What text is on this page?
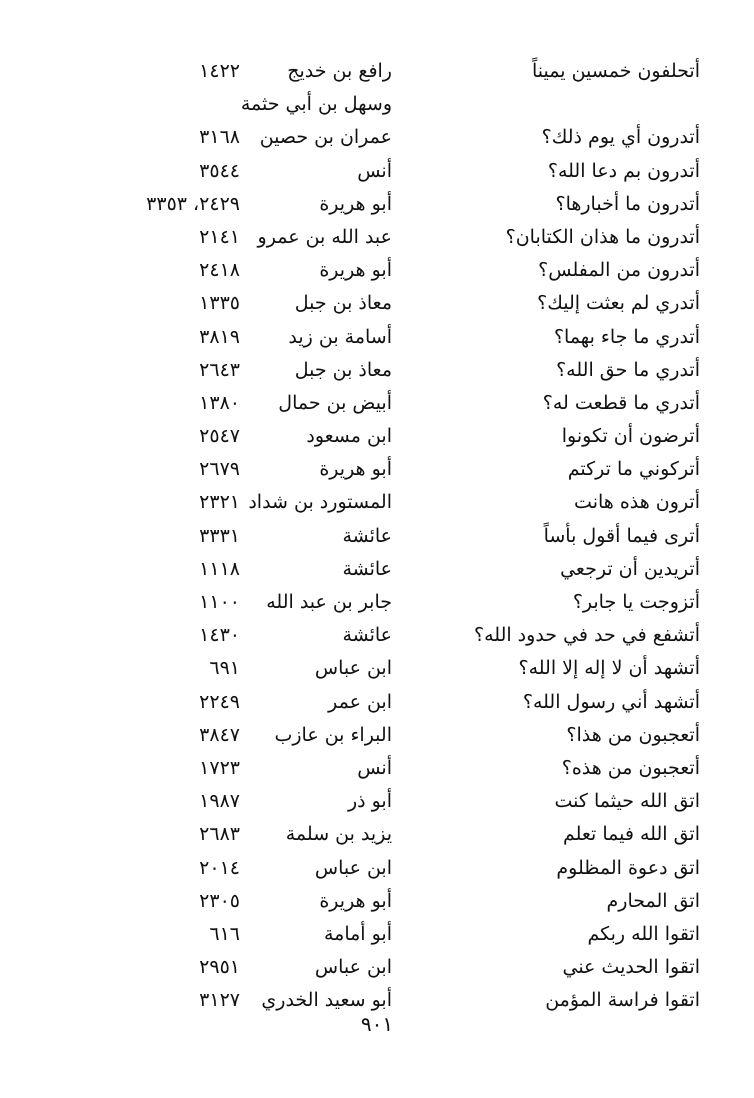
أتحلفون خمسين يميناً
رافع بن خديج
١٤٢٢
وسهل بن أبي حثمة
أتدرون أي يوم ذلك؟
عمران بن حصين
٣١٦٨
أتدرون بم دعا الله؟
أنس
٣٥٤٤
أتدرون ما أخبارها؟
أبو هريرة
٢٤٢٩، ٣٣٥٣
أتدرون ما هذان الكتابان؟
عبد الله بن عمرو
٢١٤١
أتدرون من المفلس؟
أبو هريرة
٢٤١٨
أتدري لم بعثت إليك؟
معاذ بن جبل
١٣٣٥
أتدري ما جاء بهما؟
أسامة بن زيد
٣٨١٩
أتدري ما حق الله؟
معاذ بن جبل
٢٦٤٣
أتدري ما قطعت له؟
أبيض بن حمال
١٣٨٠
أترضون أن تكونوا
ابن مسعود
٢٥٤٧
أتركوني ما تركتم
أبو هريرة
٢٦٧٩
أترون هذه هانت
المستورد بن شداد
٢٣٢١
أترى فيما أقول بأساً
عائشة
٣٣٣١
أتريدين أن ترجعي
عائشة
١١١٨
أتزوجت يا جابر؟
جابر بن عبد الله
١١٠٠
أتشفع في حد في حدود الله؟
عائشة
١٤٣٠
أتشهد أن لا إله إلا الله؟
ابن عباس
٦٩١
أتشهد أني رسول الله؟
ابن عمر
٢٢٤٩
أتعجبون من هذا؟
البراء بن عازب
٣٨٤٧
أتعجبون من هذه؟
أنس
١٧٢٣
اتق الله حيثما كنت
أبو ذر
١٩٨٧
اتق الله فيما تعلم
يزيد بن سلمة
٢٦٨٣
اتق دعوة المظلوم
ابن عباس
٢٠١٤
اتق المحارم
أبو هريرة
٢٣٠٥
اتقوا الله ربكم
أبو أمامة
٦١٦
اتقوا الحديث عني
ابن عباس
٢٩٥١
اتقوا فراسة المؤمن
أبو سعيد الخدري
٣١٢٧
٩٠١
